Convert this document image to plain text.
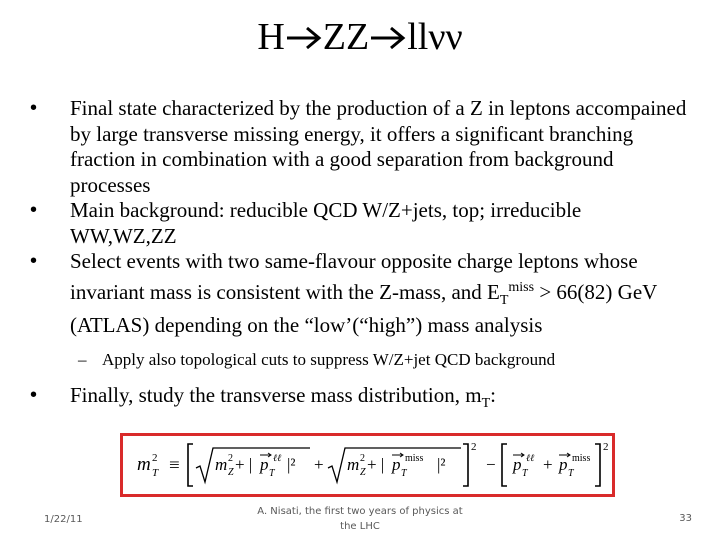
H ZZ llνν
• Final state characterized by the production of a Z in leptons accompained by large transverse missing energy, it offers a significant branching fraction in combination with a good separation from background processes
• Main background: reducible QCD W/Z+jets, top; irreducible WW,WZ,ZZ
• Select events with two same-flavour opposite charge leptons whose invariant mass is consistent with the Z-mass, and $E_T^{miss} > 66(82)$ GeV (ATLAS) depending on the “low’(“high”) mass analysis
– Apply also topological cuts to suppress W/Z+jet QCD background
• Finally, study the transverse mass distribution, $m_T$:
m T
2 ≡ m Z
2 + | p T
ℓℓ |² + m Z
2 + | p T
miss |²
2
− p T
ℓℓ + p T
miss
2
1/22/11
A. Nisati, the first two years of physics at
the LHC
33
